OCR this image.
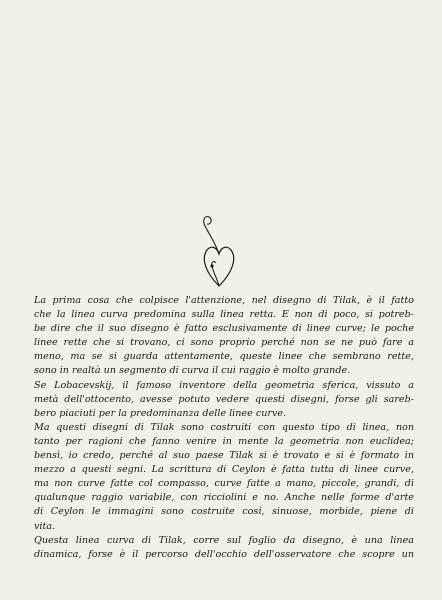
La prima cosa che colpisce l'attenzione, nel disegno di Tilak, è il fatto
che la linea curva predomina sulla linea retta. E non di poco, si potreb-
be dire che il suo disegno è fatto esclusivamente di linee curve; le poche
linee rette che si trovano, ci sono proprio perché non se ne può fare a
meno, ma se si guarda attentamente, queste linee che sembrano rette,
sono in realtà un segmento di curva il cui raggio è molto grande.

Se Lobacevskij, il famoso inventore della geometria sferica, vissuto a
metà dell'ottocento, avesse potuto vedere questi disegni, forse gli sareb-
bero piaciuti per la predominanza delle linee curve.

Ma questi disegni di Tilak sono costruiti con questo tipo di linea, non
tanto per ragioni che fanno venire in mente la geometria non euclidea;
bensì, io credo, perché al suo paese Tilak si è trovato e si è formato in
mezzo a questi segni. La scrittura di Ceylon è fatta tutta di linee curve,
ma non curve fatte col compasso, curve fatte a mano, piccole, grandi, di
qualunque raggio variabile, con ricciolini e no. Anche nelle forme d'arte
di Ceylon le immagini sono costruite così, sinuose, morbide, piene di
vita.

Questa linea curva di Tilak, corre sul foglio da disegno, è una linea
dinamica, forse è il percorso dell'occhio dell'osservatore che scopre un
